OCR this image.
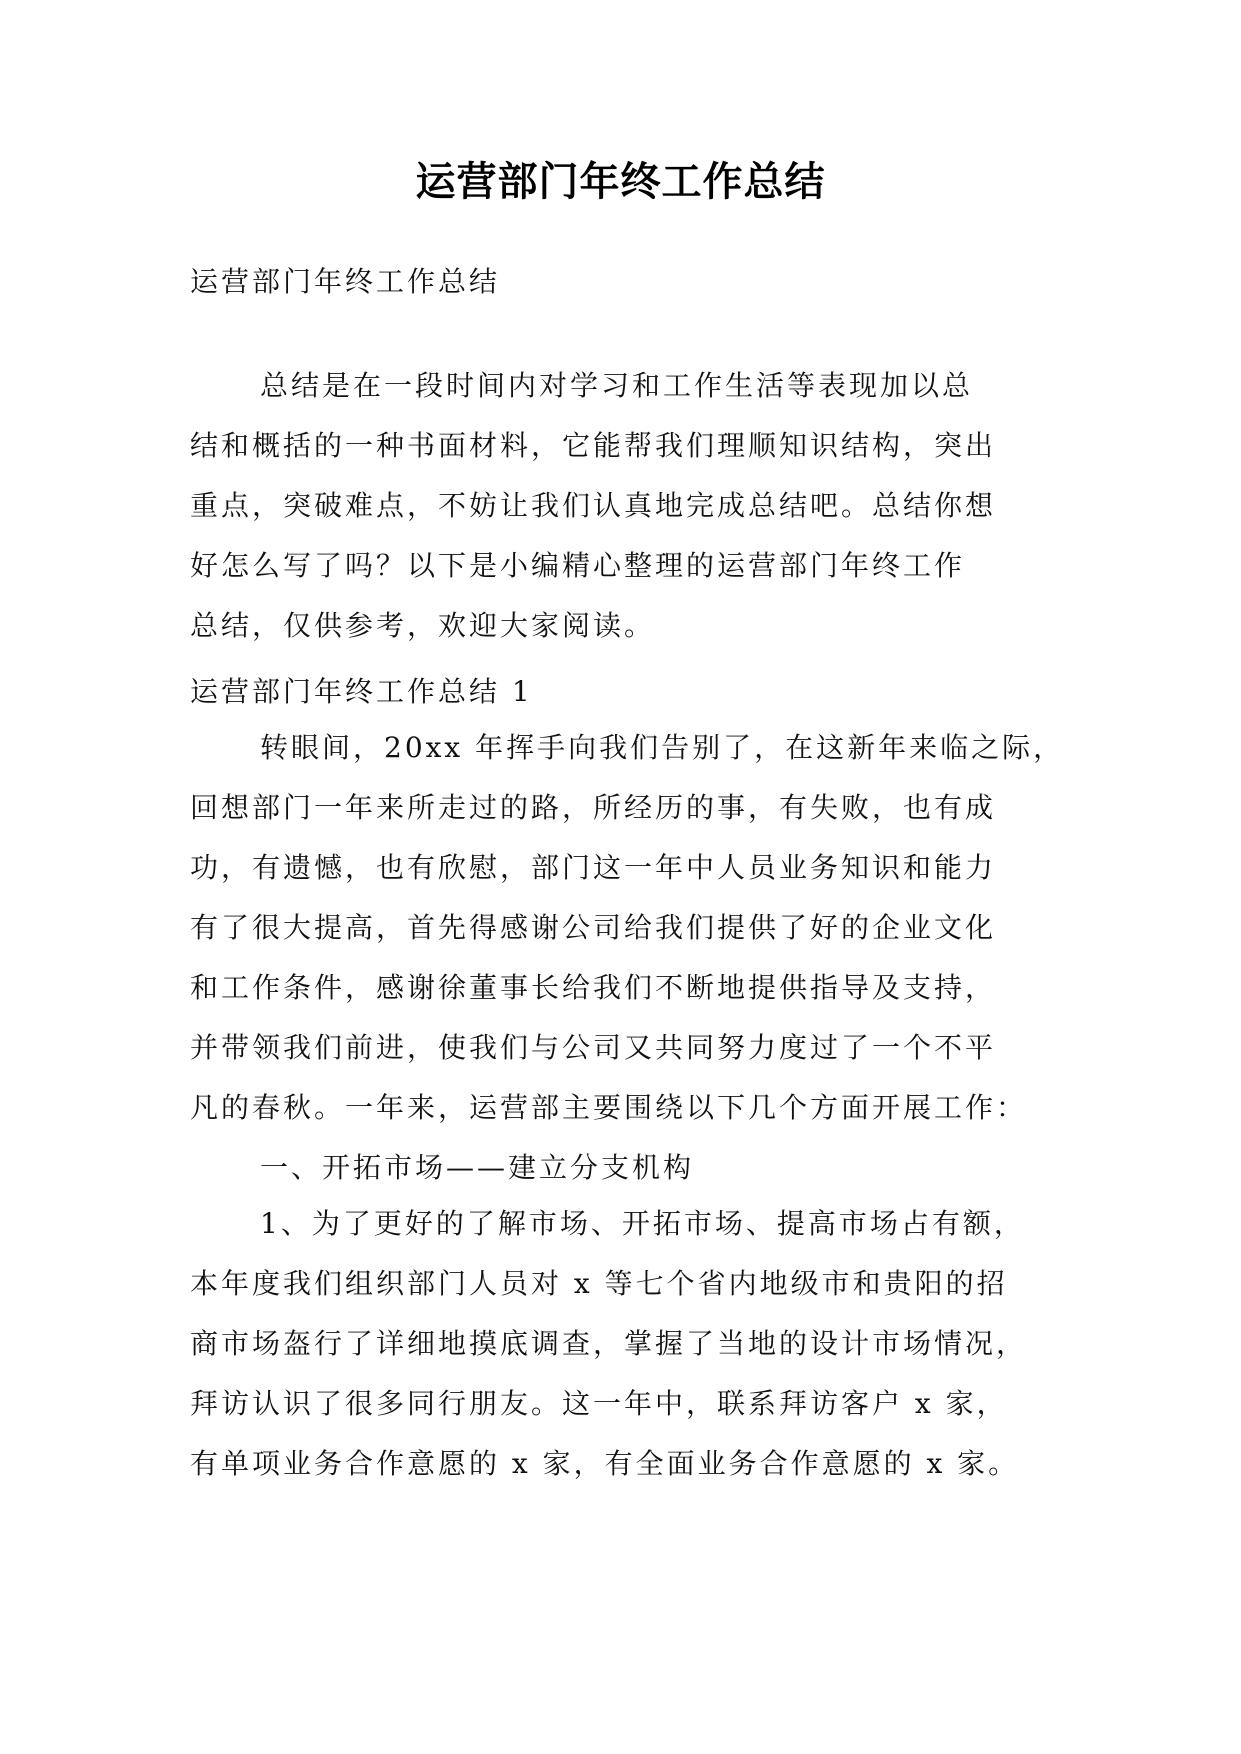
运营部门年终工作总结

运营部门年终工作总结

总结是在一段时间内对学习和工作生活等表现加以总
结和概括的一种书面材料，它能帮我们理顺知识结构，突出
重点，突破难点，不妨让我们认真地完成总结吧。总结你想
好怎么写了吗？以下是小编精心整理的运营部门年终工作
总结，仅供参考，欢迎大家阅读。

运营部门年终工作总结 1

转眼间，20xx 年挥手向我们告别了，在这新年来临之际，
回想部门一年来所走过的路，所经历的事，有失败，也有成
功，有遗憾，也有欣慰，部门这一年中人员业务知识和能力
有了很大提高，首先得感谢公司给我们提供了好的企业文化
和工作条件，感谢徐董事长给我们不断地提供指导及支持，
并带领我们前进，使我们与公司又共同努力度过了一个不平
凡的春秋。一年来，运营部主要围绕以下几个方面开展工作：

一、开拓市场——建立分支机构

1、为了更好的了解市场、开拓市场、提高市场占有额，
本年度我们组织部门人员对 x 等七个省内地级市和贵阳的招
商市场盔行了详细地摸底调查，掌握了当地的设计市场情况，
拜访认识了很多同行朋友。这一年中，联系拜访客户 x 家，
有单项业务合作意愿的 x 家，有全面业务合作意愿的 x 家。
